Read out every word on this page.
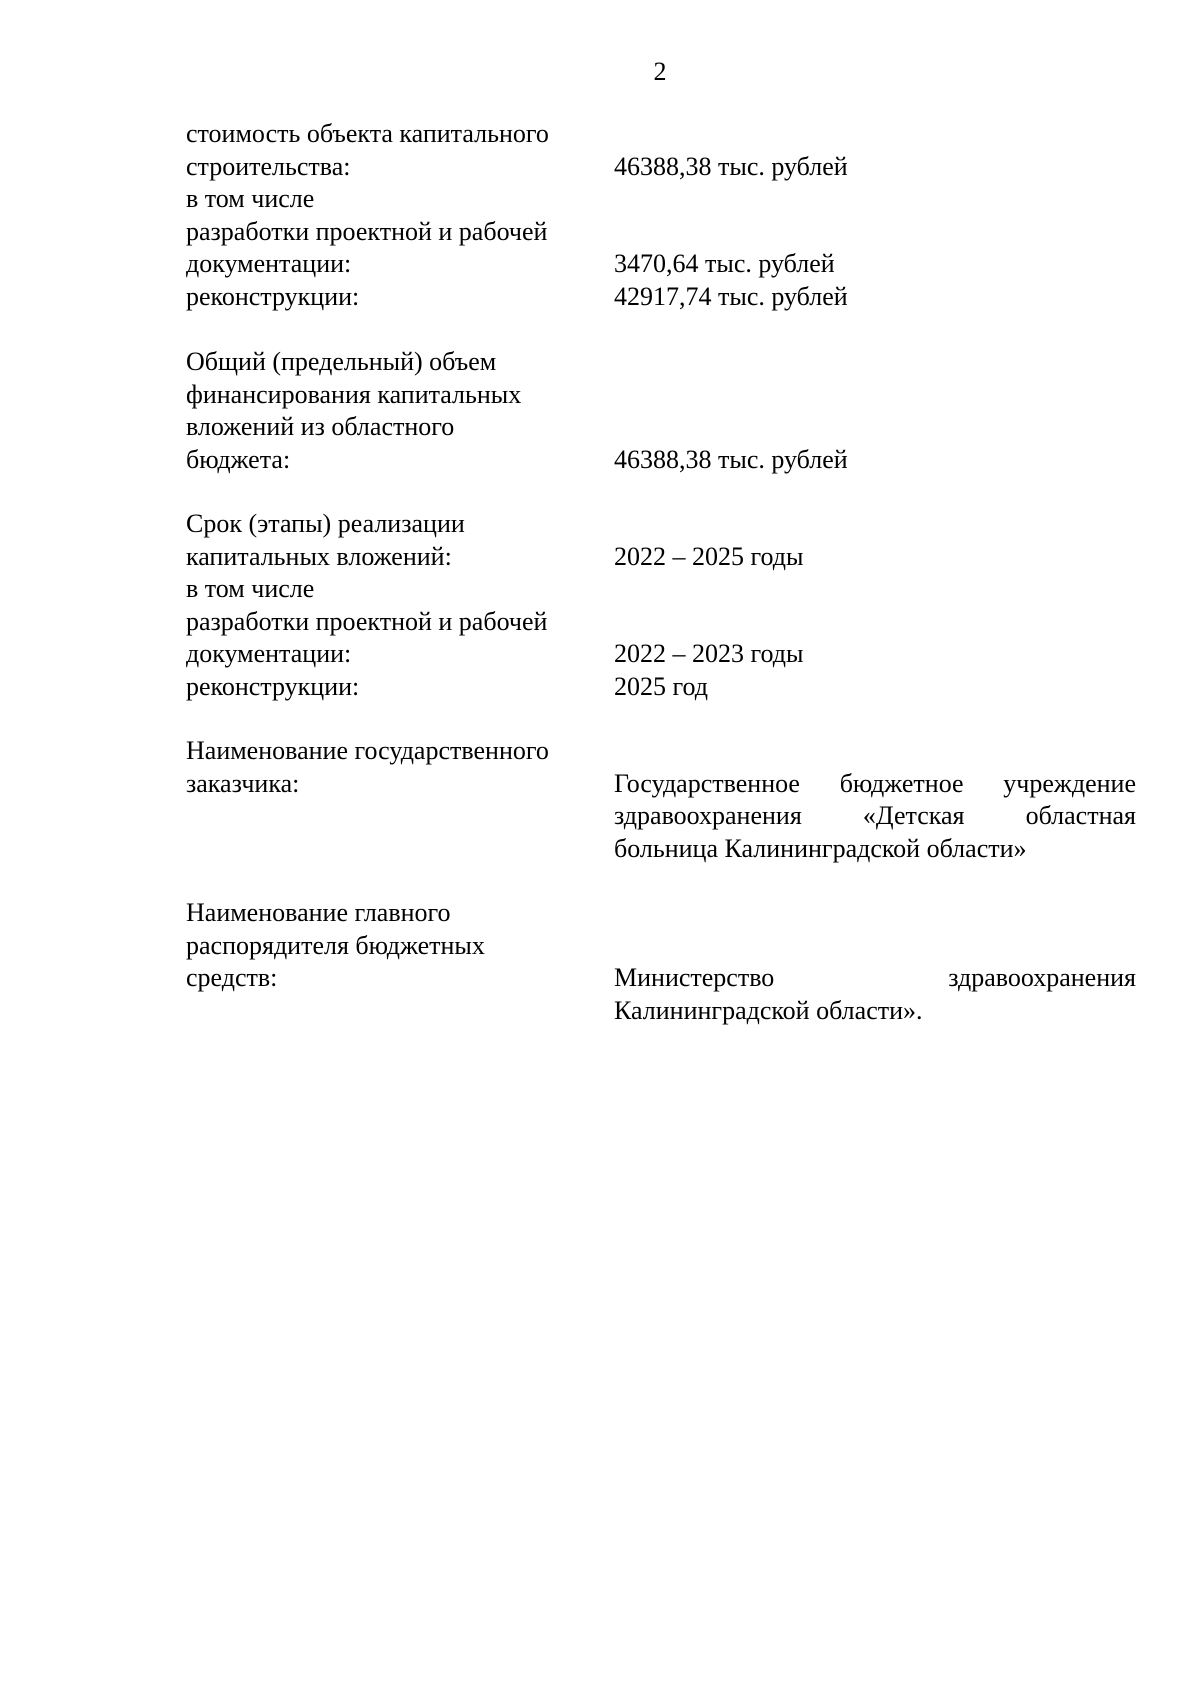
2
стоимость объекта капитального
строительства:	46388,38 тыс. рублей
в том числе
разработки проектной и рабочей
документации:	3470,64 тыс. рублей
реконструкции:	42917,74 тыс. рублей
Общий (предельный) объем
финансирования капитальных
вложений из областного
бюджета:	46388,38 тыс. рублей
Срок (этапы) реализации
капитальных вложений:	2022 – 2025 годы
в том числе
разработки проектной и рабочей
документации:	2022 – 2023 годы
реконструкции:	2025 год
Наименование государственного
заказчика:	Государственное бюджетное учреждение
здравоохранения «Детская областная
больница Калининградской области»
Наименование главного
распорядителя бюджетных
средств:	Министерство здравоохранения
Калининградской области».
